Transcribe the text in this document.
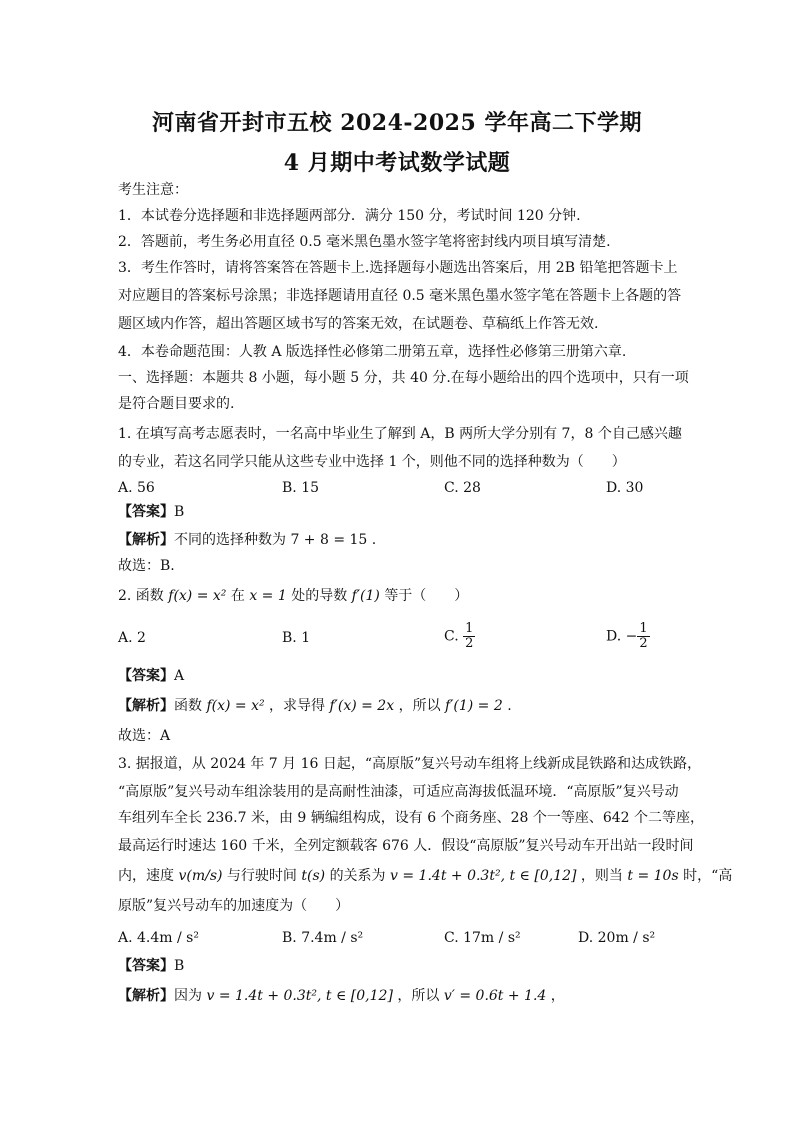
河南省开封市五校 2024-2025 学年高二下学期
4 月期中考试数学试题
考生注意：
1．本试卷分选择题和非选择题两部分．满分 150 分，考试时间 120 分钟.
2．答题前，考生务必用直径 0.5 毫米黑色墨水签字笔将密封线内项目填写清楚.
3．考生作答时，请将答案答在答题卡上.选择题每小题选出答案后，用 2B 铅笔把答题卡上
对应题目的答案标号涂黑；非选择题请用直径 0.5 毫米黑色墨水签字笔在答题卡上各题的答
题区域内作答，超出答题区域书写的答案无效，在试题卷、草稿纸上作答无效.
4．本卷命题范围：人教 A 版选择性必修第二册第五章，选择性必修第三册第六章.
一、选择题：本题共 8 小题，每小题 5 分，共 40 分.在每小题给出的四个选项中，只有一项
是符合题目要求的.
1. 在填写高考志愿表时，一名高中毕业生了解到 A，B 两所大学分别有 7，8 个自己感兴趣
的专业，若这名同学只能从这些专业中选择 1 个，则他不同的选择种数为（　　）
A. 56	B. 15	C. 28	D. 30
【答案】B
【解析】不同的选择种数为 7 + 8 = 15 .
故选：B.
2. 函数 f(x) = x² 在 x = 1 处的导数 f′(1) 等于（　　）
A. 2	B. 1	C. $\frac{1}{2}$	D. − $\frac{1}{2}$
【答案】A
【解析】函数 f(x) = x² ，求导得 f′(x) = 2x ，所以 f′(1) = 2 .
故选：A
3. 据报道，从 2024 年 7 月 16 日起，“高原版”复兴号动车组将上线新成昆铁路和达成铁路，
“高原版”复兴号动车组涂装用的是高耐性油漆，可适应高海拔低温环境．“高原版”复兴号动
车组列车全长 236.7 米，由 9 辆编组构成，设有 6 个商务座、28 个一等座、642 个二等座，
最高运行时速达 160 千米，全列定额载客 676 人．假设“高原版”复兴号动车开出站一段时间
内，速度 v(m/s) 与行驶时间 t(s) 的关系为 v = 1.4t + 0.3t², t ∈ [0,12] ，则当 t = 10s 时，“高
原版”复兴号动车的加速度为（　　）
A. 4.4m / s²	B. 7.4m / s²	C. 17m / s²	D. 20m / s²
【答案】B
【解析】因为 v = 1.4t + 0.3t², t ∈ [0,12] ，所以 v′ = 0.6t + 1.4 ，
